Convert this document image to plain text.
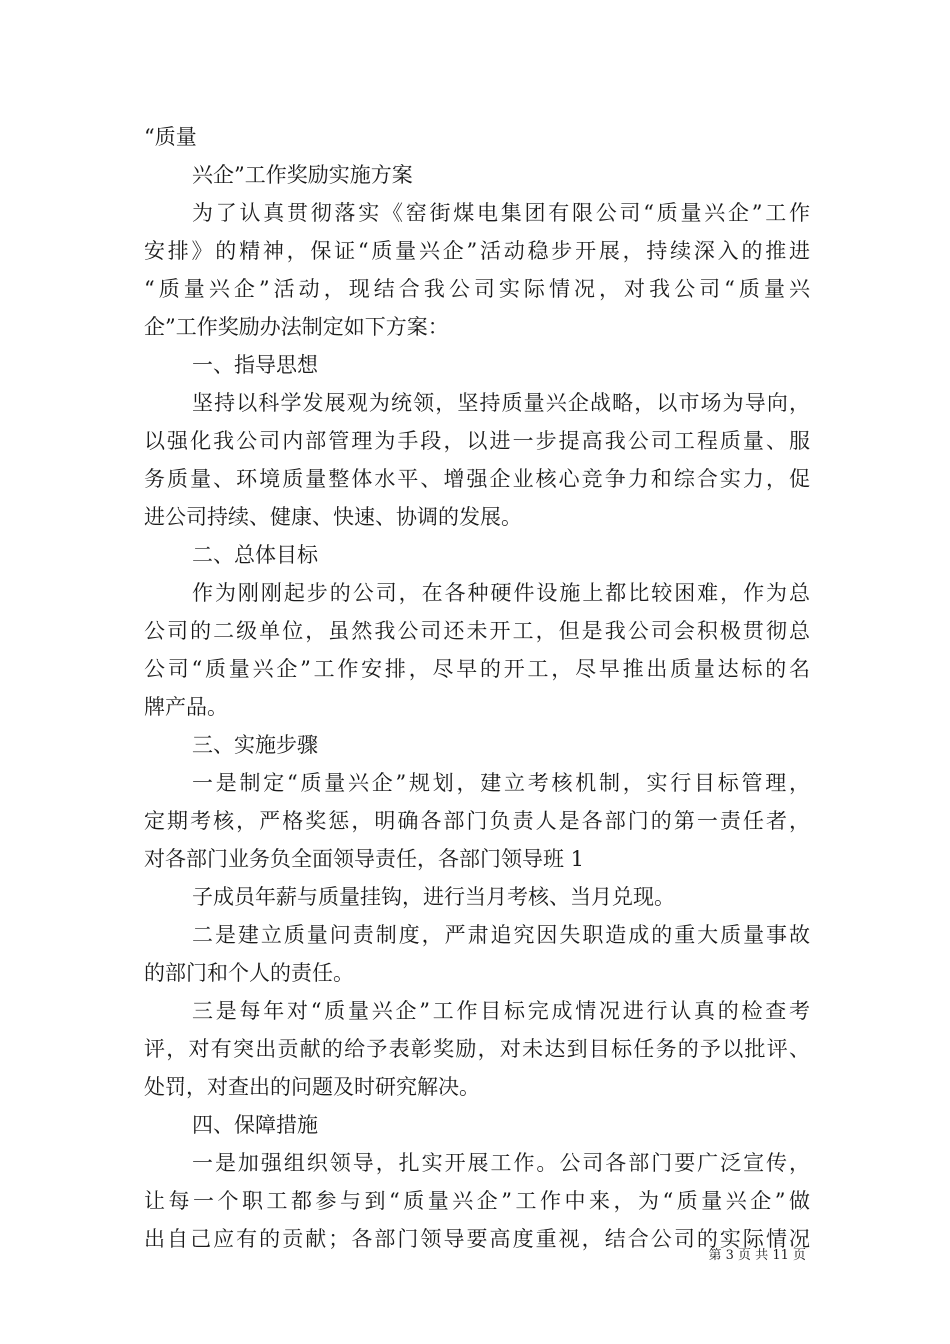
“质量
兴企”工作奖励实施方案
为了认真贯彻落实《窑街煤电集团有限公司“质量兴企”工作
安排》的精神，保证“质量兴企”活动稳步开展，持续深入的推进
“质量兴企”活动，现结合我公司实际情况，对我公司“质量兴
企”工作奖励办法制定如下方案：
一、指导思想
坚持以科学发展观为统领，坚持质量兴企战略，以市场为导向，
以强化我公司内部管理为手段，以进一步提高我公司工程质量、服
务质量、环境质量整体水平、增强企业核心竞争力和综合实力，促
进公司持续、健康、快速、协调的发展。
二、总体目标
作为刚刚起步的公司，在各种硬件设施上都比较困难，作为总
公司的二级单位，虽然我公司还未开工，但是我公司会积极贯彻总
公司“质量兴企”工作安排，尽早的开工，尽早推出质量达标的名
牌产品。
三、实施步骤
一是制定“质量兴企”规划，建立考核机制，实行目标管理，
定期考核，严格奖惩，明确各部门负责人是各部门的第一责任者，
对各部门业务负全面领导责任，各部门领导班 1
子成员年薪与质量挂钩，进行当月考核、当月兑现。
二是建立质量问责制度，严肃追究因失职造成的重大质量事故
的部门和个人的责任。
三是每年对“质量兴企”工作目标完成情况进行认真的检查考
评，对有突出贡献的给予表彰奖励，对未达到目标任务的予以批评、
处罚，对查出的问题及时研究解决。
四、保障措施
一是加强组织领导，扎实开展工作。公司各部门要广泛宣传，
让每一个职工都参与到“质量兴企”工作中来，为“质量兴企”做
出自己应有的贡献；各部门领导要高度重视，结合公司的实际情况
第 3 页 共 11 页
